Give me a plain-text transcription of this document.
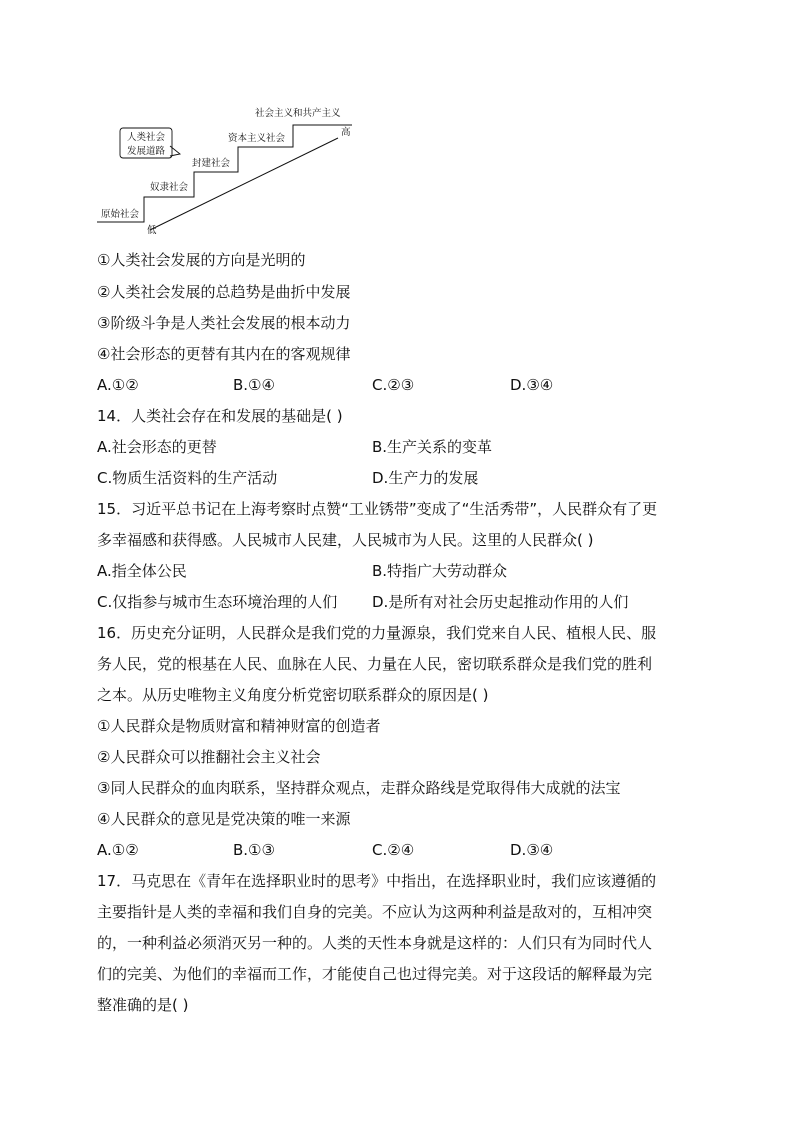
人类社会
发展道路
原始社会
奴隶社会
封建社会
资本主义社会
社会主义和共产主义
高
低
①人类社会发展的方向是光明的
②人类社会发展的总趋势是曲折中发展
③阶级斗争是人类社会发展的根本动力
④社会形态的更替有其内在的客观规律
A.①②	B.①④	C.②③	D.③④
14．人类社会存在和发展的基础是( )
A.社会形态的更替	B.生产关系的变革
C.物质生活资料的生产活动	D.生产力的发展
15．习近平总书记在上海考察时点赞“工业锈带”变成了“生活秀带”，人民群众有了更
多幸福感和获得感。人民城市人民建，人民城市为人民。这里的人民群众( )
A.指全体公民	B.特指广大劳动群众
C.仅指参与城市生态环境治理的人们 D.是所有对社会历史起推动作用的人们
16．历史充分证明，人民群众是我们党的力量源泉，我们党来自人民、植根人民、服
务人民，党的根基在人民、血脉在人民、力量在人民，密切联系群众是我们党的胜利
之本。从历史唯物主义角度分析党密切联系群众的原因是( )
①人民群众是物质财富和精神财富的创造者
②人民群众可以推翻社会主义社会
③同人民群众的血肉联系，坚持群众观点，走群众路线是党取得伟大成就的法宝
④人民群众的意见是党决策的唯一来源
A.①②	B.①③	C.②④	D.③④
17．马克思在《青年在选择职业时的思考》中指出，在选择职业时，我们应该遵循的
主要指针是人类的幸福和我们自身的完美。不应认为这两种利益是敌对的，互相冲突
的，一种利益必须消灭另一种的。人类的天性本身就是这样的：人们只有为同时代人
们的完美、为他们的幸福而工作，才能使自己也过得完美。对于这段话的解释最为完
整准确的是( )
